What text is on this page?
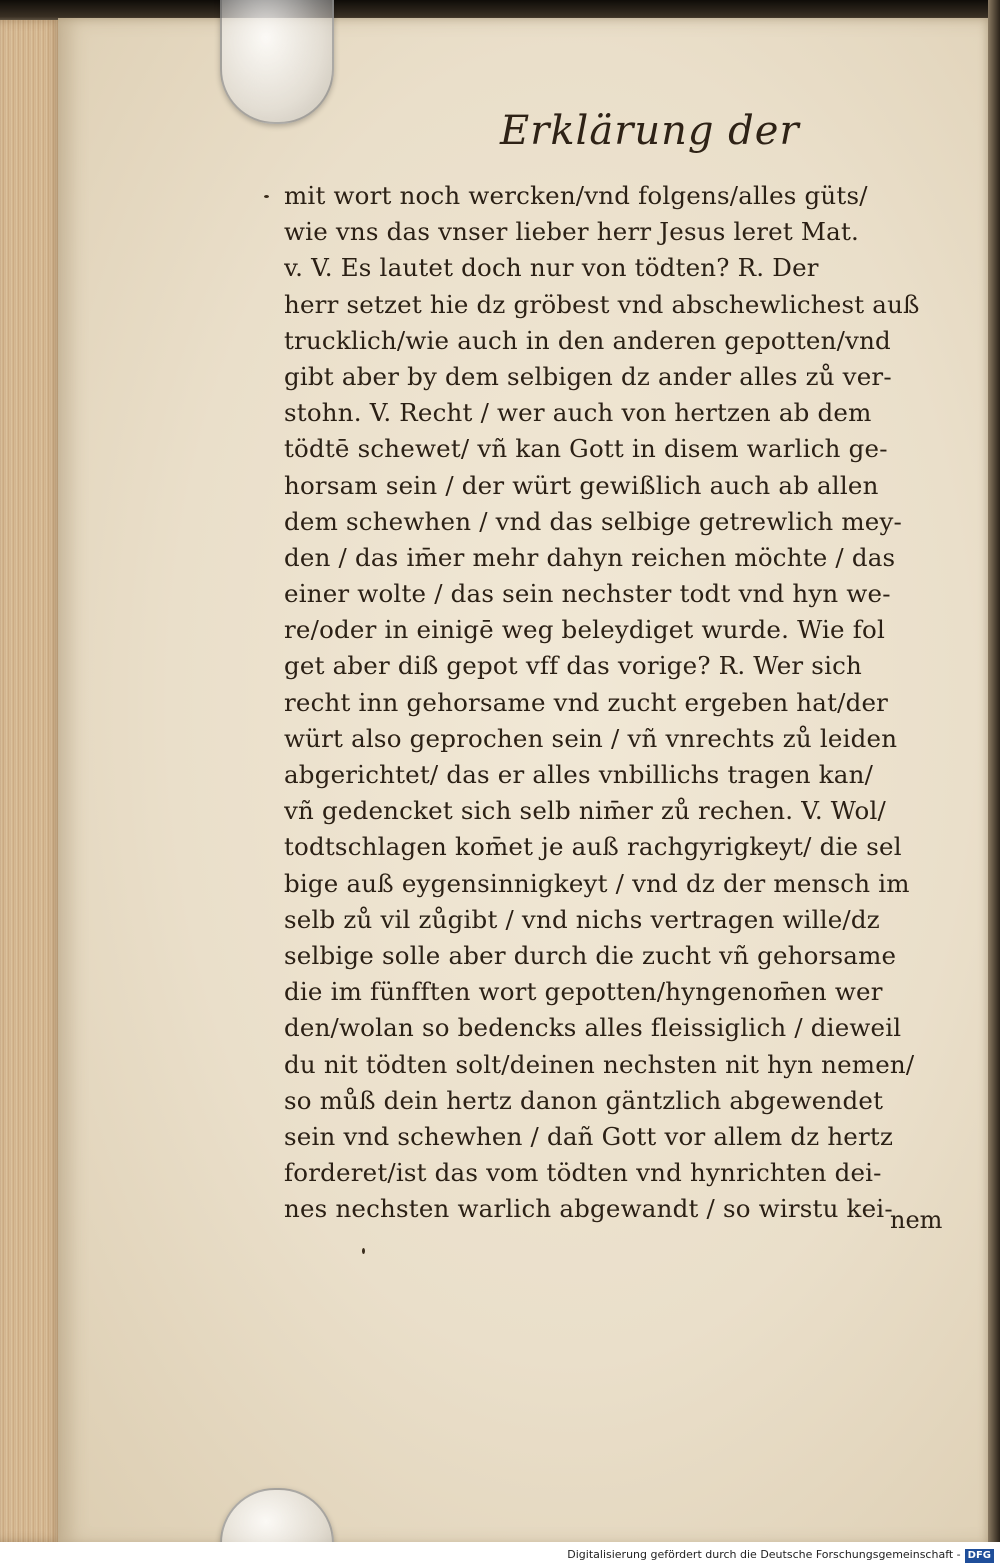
Erklärung der
mit wort noch wercken/vnd folgens/alles güts/
wie vns das vnser lieber herr Jesus leret Mat.
v. V. Es lautet doch nur von tödten? R. Der
herr setzet hie dz gröbest vnd abschewlichest auß
trucklich/wie auch in den anderen gepotten/vnd
gibt aber by dem selbigen dz ander alles zů ver-
stohn. V. Recht / wer auch von hertzen ab dem
tödtē schewet/ vñ kan Gott in disem warlich ge-
horsam sein / der würt gewißlich auch ab allen
dem schewhen / vnd das selbige getrewlich mey-
den / das im̄er mehr dahyn reichen möchte / das
einer wolte / das sein nechster todt vnd hyn we-
re/oder in einigē weg beleydiget wurde. Wie fol
get aber diß gepot vff das vorige? R. Wer sich
recht inn gehorsame vnd zucht ergeben hat/der
würt also geprochen sein / vñ vnrechts zů leiden
abgerichtet/ das er alles vnbillichs tragen kan/
vñ gedencket sich selb nim̄er zů rechen. V. Wol/
todtschlagen kom̄et je auß rachgyrigkeyt/ die sel
bige auß eygensinnigkeyt / vnd dz der mensch im
selb zů vil zůgibt / vnd nichs vertragen wille/dz
selbige solle aber durch die zucht vñ gehorsame
die im fünfften wort gepotten/hyngenom̄en wer
den/wolan so bedencks alles fleissiglich / dieweil
du nit tödten solt/deinen nechsten nit hyn nemen/
so můß dein hertz danon gäntzlich abgewendet
sein vnd schewhen / dañ Gott vor allem dz hertz
forderet/ist das vom tödten vnd hynrichten dei-
nes nechsten warlich abgewandt / so wirstu kei-
nem
Digitalisierung gefördert durch die Deutsche Forschungsgemeinschaft - DFG
